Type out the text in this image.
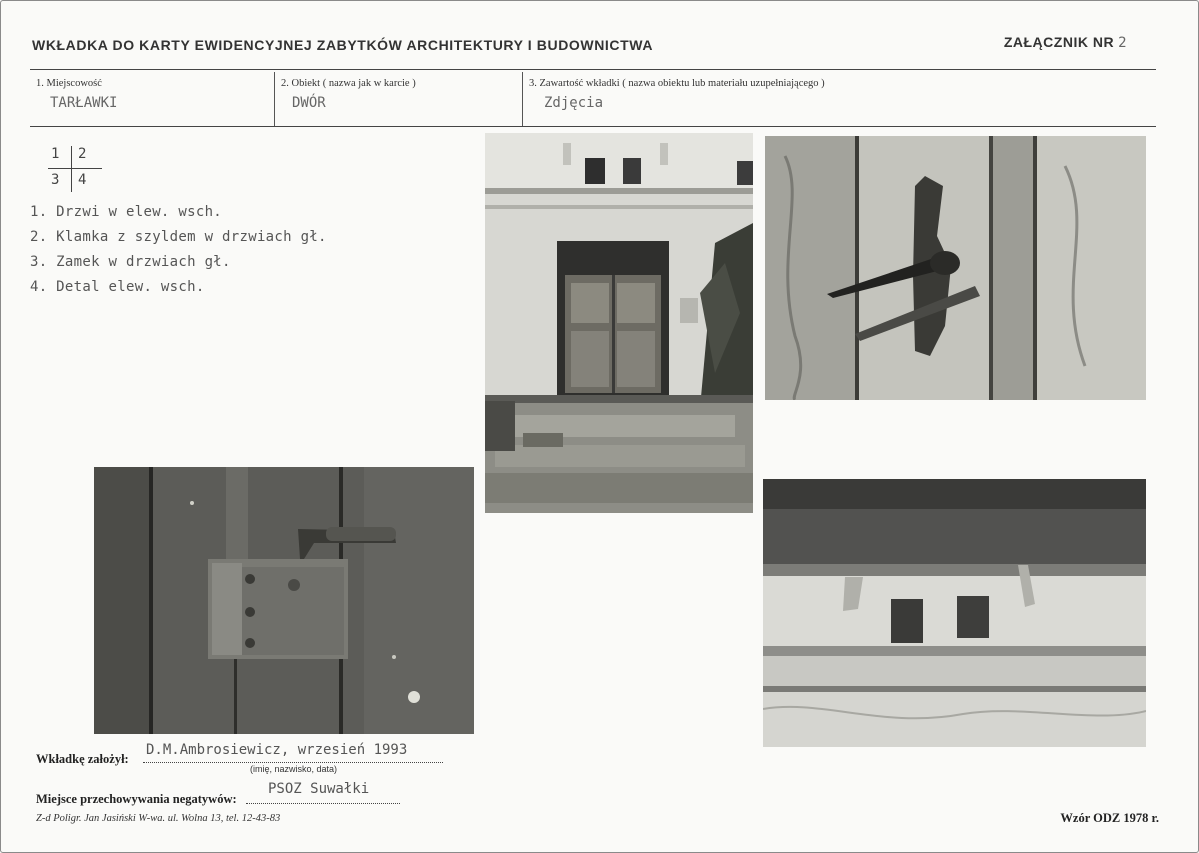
WKŁADKA DO KARTY EWIDENCYJNEJ ZABYTKÓW ARCHITEKTURY I BUDOWNICTWA	ZAŁĄCZNIK NR 2
1. Miejscowość
TARŁAWKI
2. Obiekt ( nazwa jak w karcie )
DWÓR
3. Zawartość wkładki ( nazwa obiektu lub materiału uzupełniającego )
Zdjęcia
1 2
3 4
1. Drzwi w elew. wsch.
2. Klamka z szyldem w drzwiach gł.
3. Zamek w drzwiach gł.
4. Detal elew. wsch.
Wkładkę założył:
D.M.Ambrosiewicz, wrzesień 1993
(imię, nazwisko, data)
Miejsce przechowywania negatywów:
PSOZ Suwałki
Z-d Poligr. Jan Jasiński W-wa. ul. Wolna 13, tel. 12-43-83	Wzór ODZ 1978 r.
